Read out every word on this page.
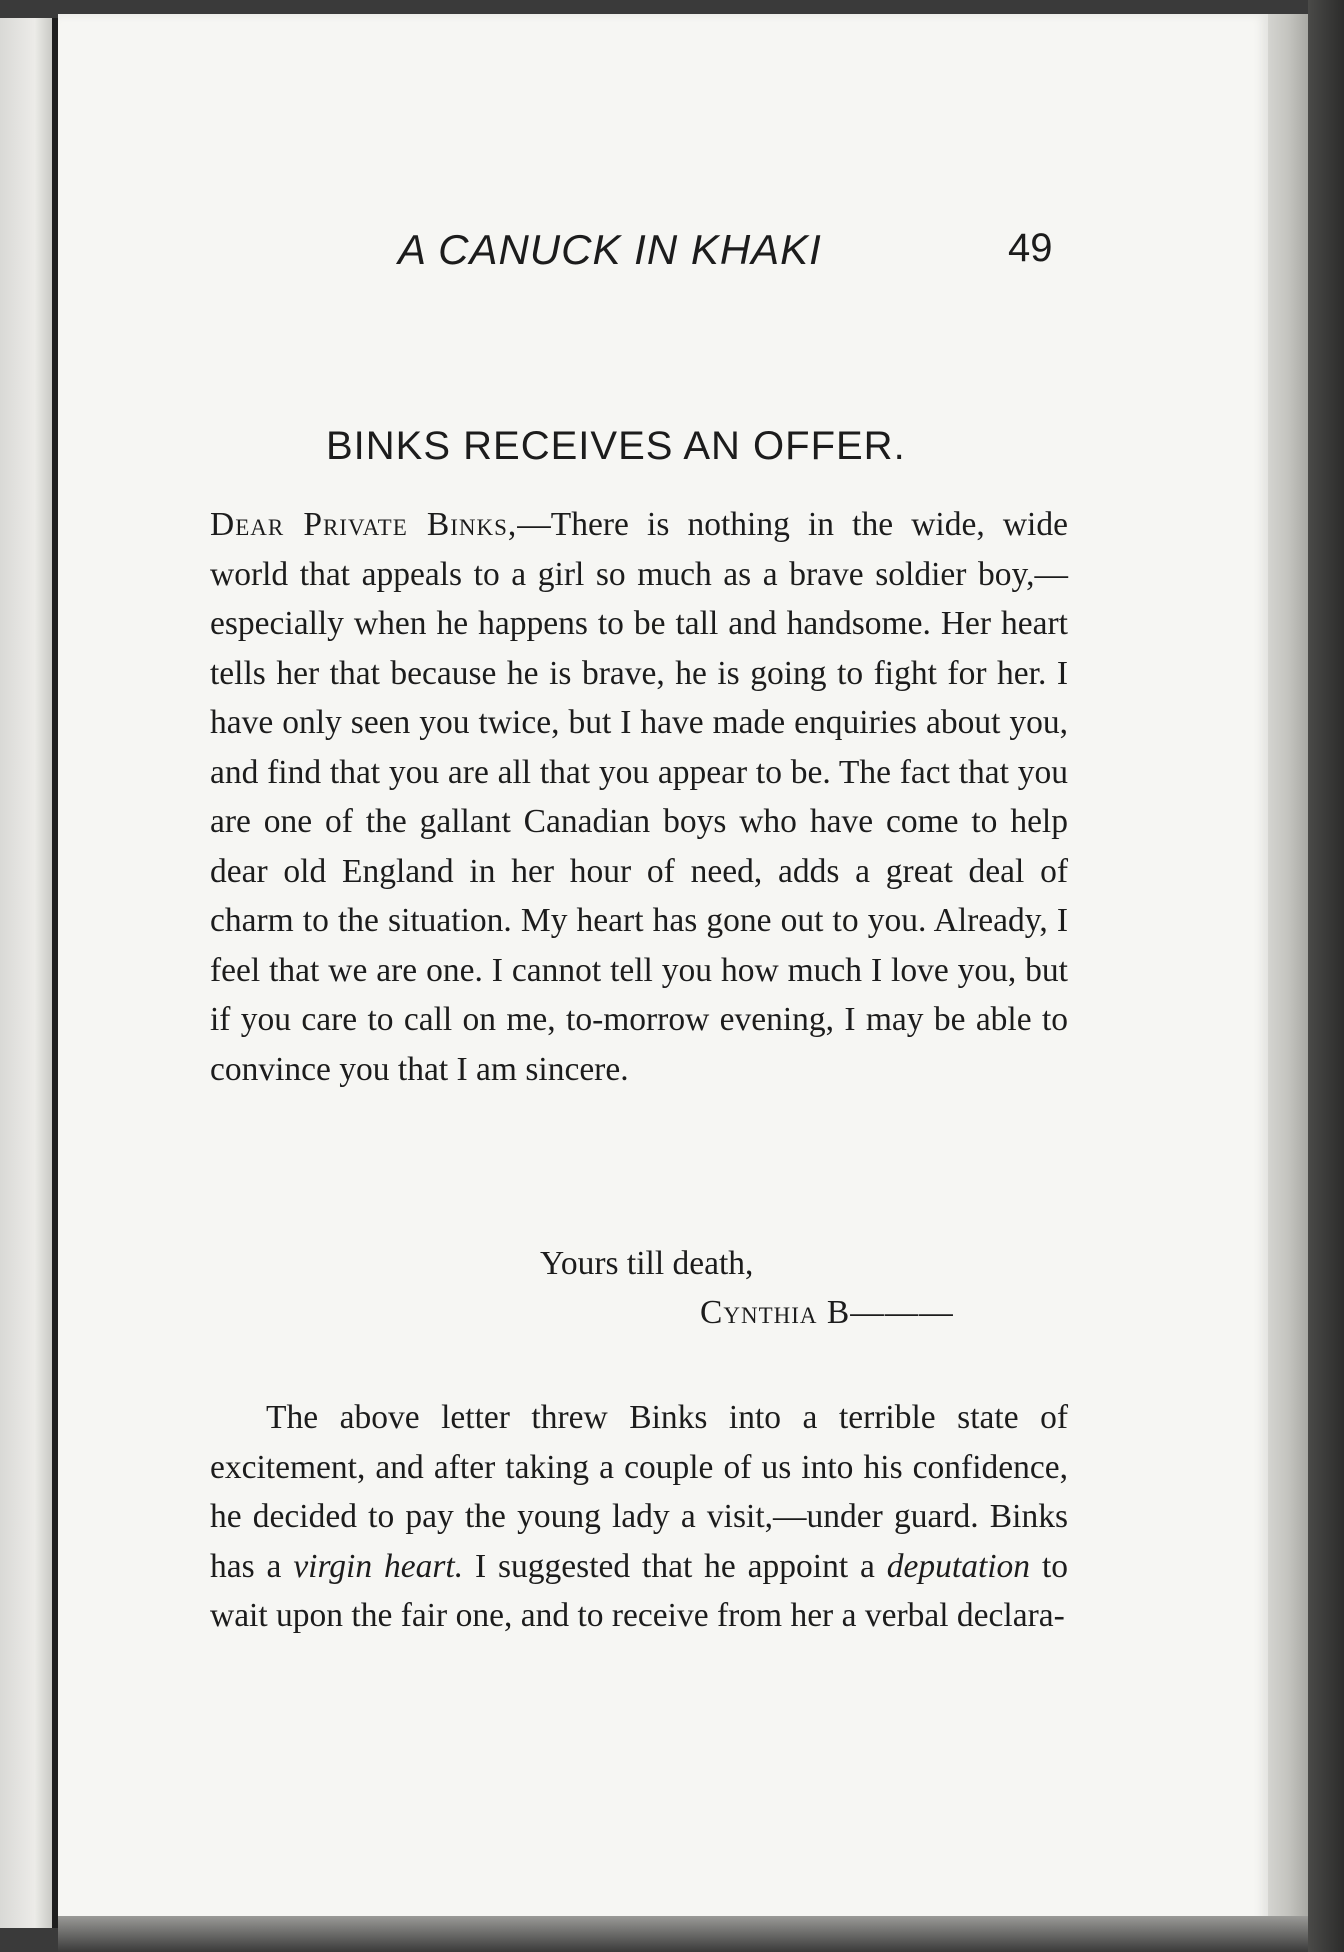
A CANUCK IN KHAKI	49
BINKS RECEIVES AN OFFER.
Dear Private Binks,—There is nothing in the wide, wide world that appeals to a girl so much as a brave soldier boy,—especially when he happens to be tall and handsome. Her heart tells her that because he is brave, he is going to fight for her. I have only seen you twice, but I have made enquiries about you, and find that you are all that you appear to be. The fact that you are one of the gallant Canadian boys who have come to help dear old England in her hour of need, adds a great deal of charm to the situation. My heart has gone out to you. Already, I feel that we are one. I cannot tell you how much I love you, but if you care to call on me, to-morrow evening, I may be able to convince you that I am sincere.
Yours till death,
Cynthia B———
The above letter threw Binks into a terrible state of excitement, and after taking a couple of us into his confidence, he decided to pay the young lady a visit,—under guard. Binks has a virgin heart. I suggested that he appoint a deputation to wait upon the fair one, and to receive from her a verbal declara-
